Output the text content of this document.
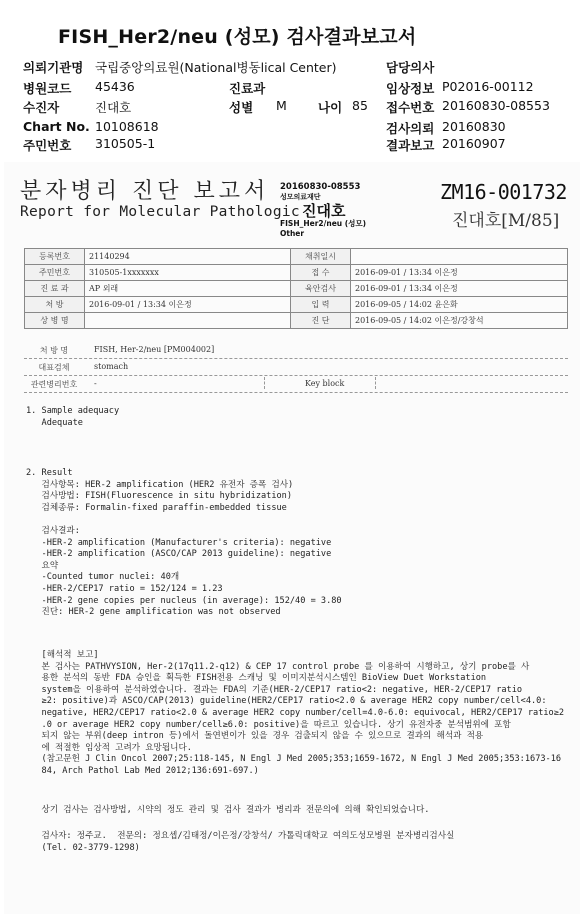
FISH_Her2/neu (성모) 검사결과보고서
의뢰기관명 국립중앙의료원(National병동lical Center)	담당의사
병원코드 45436	진료과	임상정보 P02016-00112
수진자	진대호	성별 M 나이 85 접수번호 20160830-08553
Chart No. 10108618	검사의뢰 20160830
주민번호 310505-1	결과보고 20160907
분자병리 진단 보고서
Report for Molecular Pathologic
20160830-08553
성모의료재단
진대호
FISH_Her2/neu (성모)
Other
ZM16-001732
진대호[M/85]
등록번호	21140294	채취일시	
주민번호	310505-1xxxxxxx	접 수	2016-09-01 / 13:34 이은정
진 료 과	AP 외래	육안검사	2016-09-01 / 13:34 이은정
처 방	2016-09-01 / 13:34 이은정	입 력	2016-09-05 / 14:02 윤은화
상 병 명		진 단	2016-09-05 / 14:02 이은정/강창석
처 방 명	FISH, Her-2/neu [PM004002]
대표검체	stomach
관련병리번호	-	Key block
1. Sample adequacy
Adequate
2. Result
검사항목: HER-2 amplification (HER2 유전자 증폭 검사)
검사방법: FISH(Fluorescence in situ hybridization)
검체종류: Formalin-fixed paraffin-embedded tissue

검사결과:
-HER-2 amplification (Manufacturer's criteria): negative
-HER-2 amplification (ASCO/CAP 2013 guideline): negative
요약
-Counted tumor nuclei: 40개
-HER-2/CEP17 ratio = 152/124 = 1.23
-HER-2 gene copies per nucleus (in average): 152/40 = 3.80
진단: HER-2 gene amplification was not observed
[해석적 보고]
본 검사는 PATHVYSION, Her-2(17q11.2-q12) & CEP 17 control probe 를 이용하여 시행하고, 상기 probe를 사
용한 분석의 동반 FDA 승인을 획득한 FISH전용 스캐닝 및 이미지분석시스템인 BioView Duet Workstation
system을 이용하여 분석하였습니다. 결과는 FDA의 기준(HER-2/CEP17 ratio<2: negative, HER-2/CEP17 ratio
≥2: positive)과 ASCO/CAP(2013) guideline(HER2/CEP17 ratio<2.0 & average HER2 copy number/cell<4.0:
negative, HER2/CEP17 ratio<2.0 & average HER2 copy number/cell=4.0-6.0: equivocal, HER2/CEP17 ratio≥2
.0 or average HER2 copy number/cell≥6.0: positive)을 따르고 있습니다. 상기 유전자중 분석범위에 포함
되지 않는 부위(deep intron 등)에서 돌연변이가 있을 경우 검출되지 않을 수 있으므로 결과의 해석과 적용
에 적절한 임상적 고려가 요망됩니다.
(참고문헌 J Clin Oncol 2007;25:118-145, N Engl J Med 2005;353;1659-1672, N Engl J Med 2005;353:1673-16
84, Arch Pathol Lab Med 2012;136:691-697.)
상기 검사는 검사방법, 시약의 정도 관리 및 검사 결과가 병리과 전문의에 의해 확인되었습니다.
검사자: 정주교.  전문의: 정요셉/김태정/이은정/강창석/ 가톨릭대학교 여의도성모병원 분자병리검사실
(Tel. 02-3779-1298)
